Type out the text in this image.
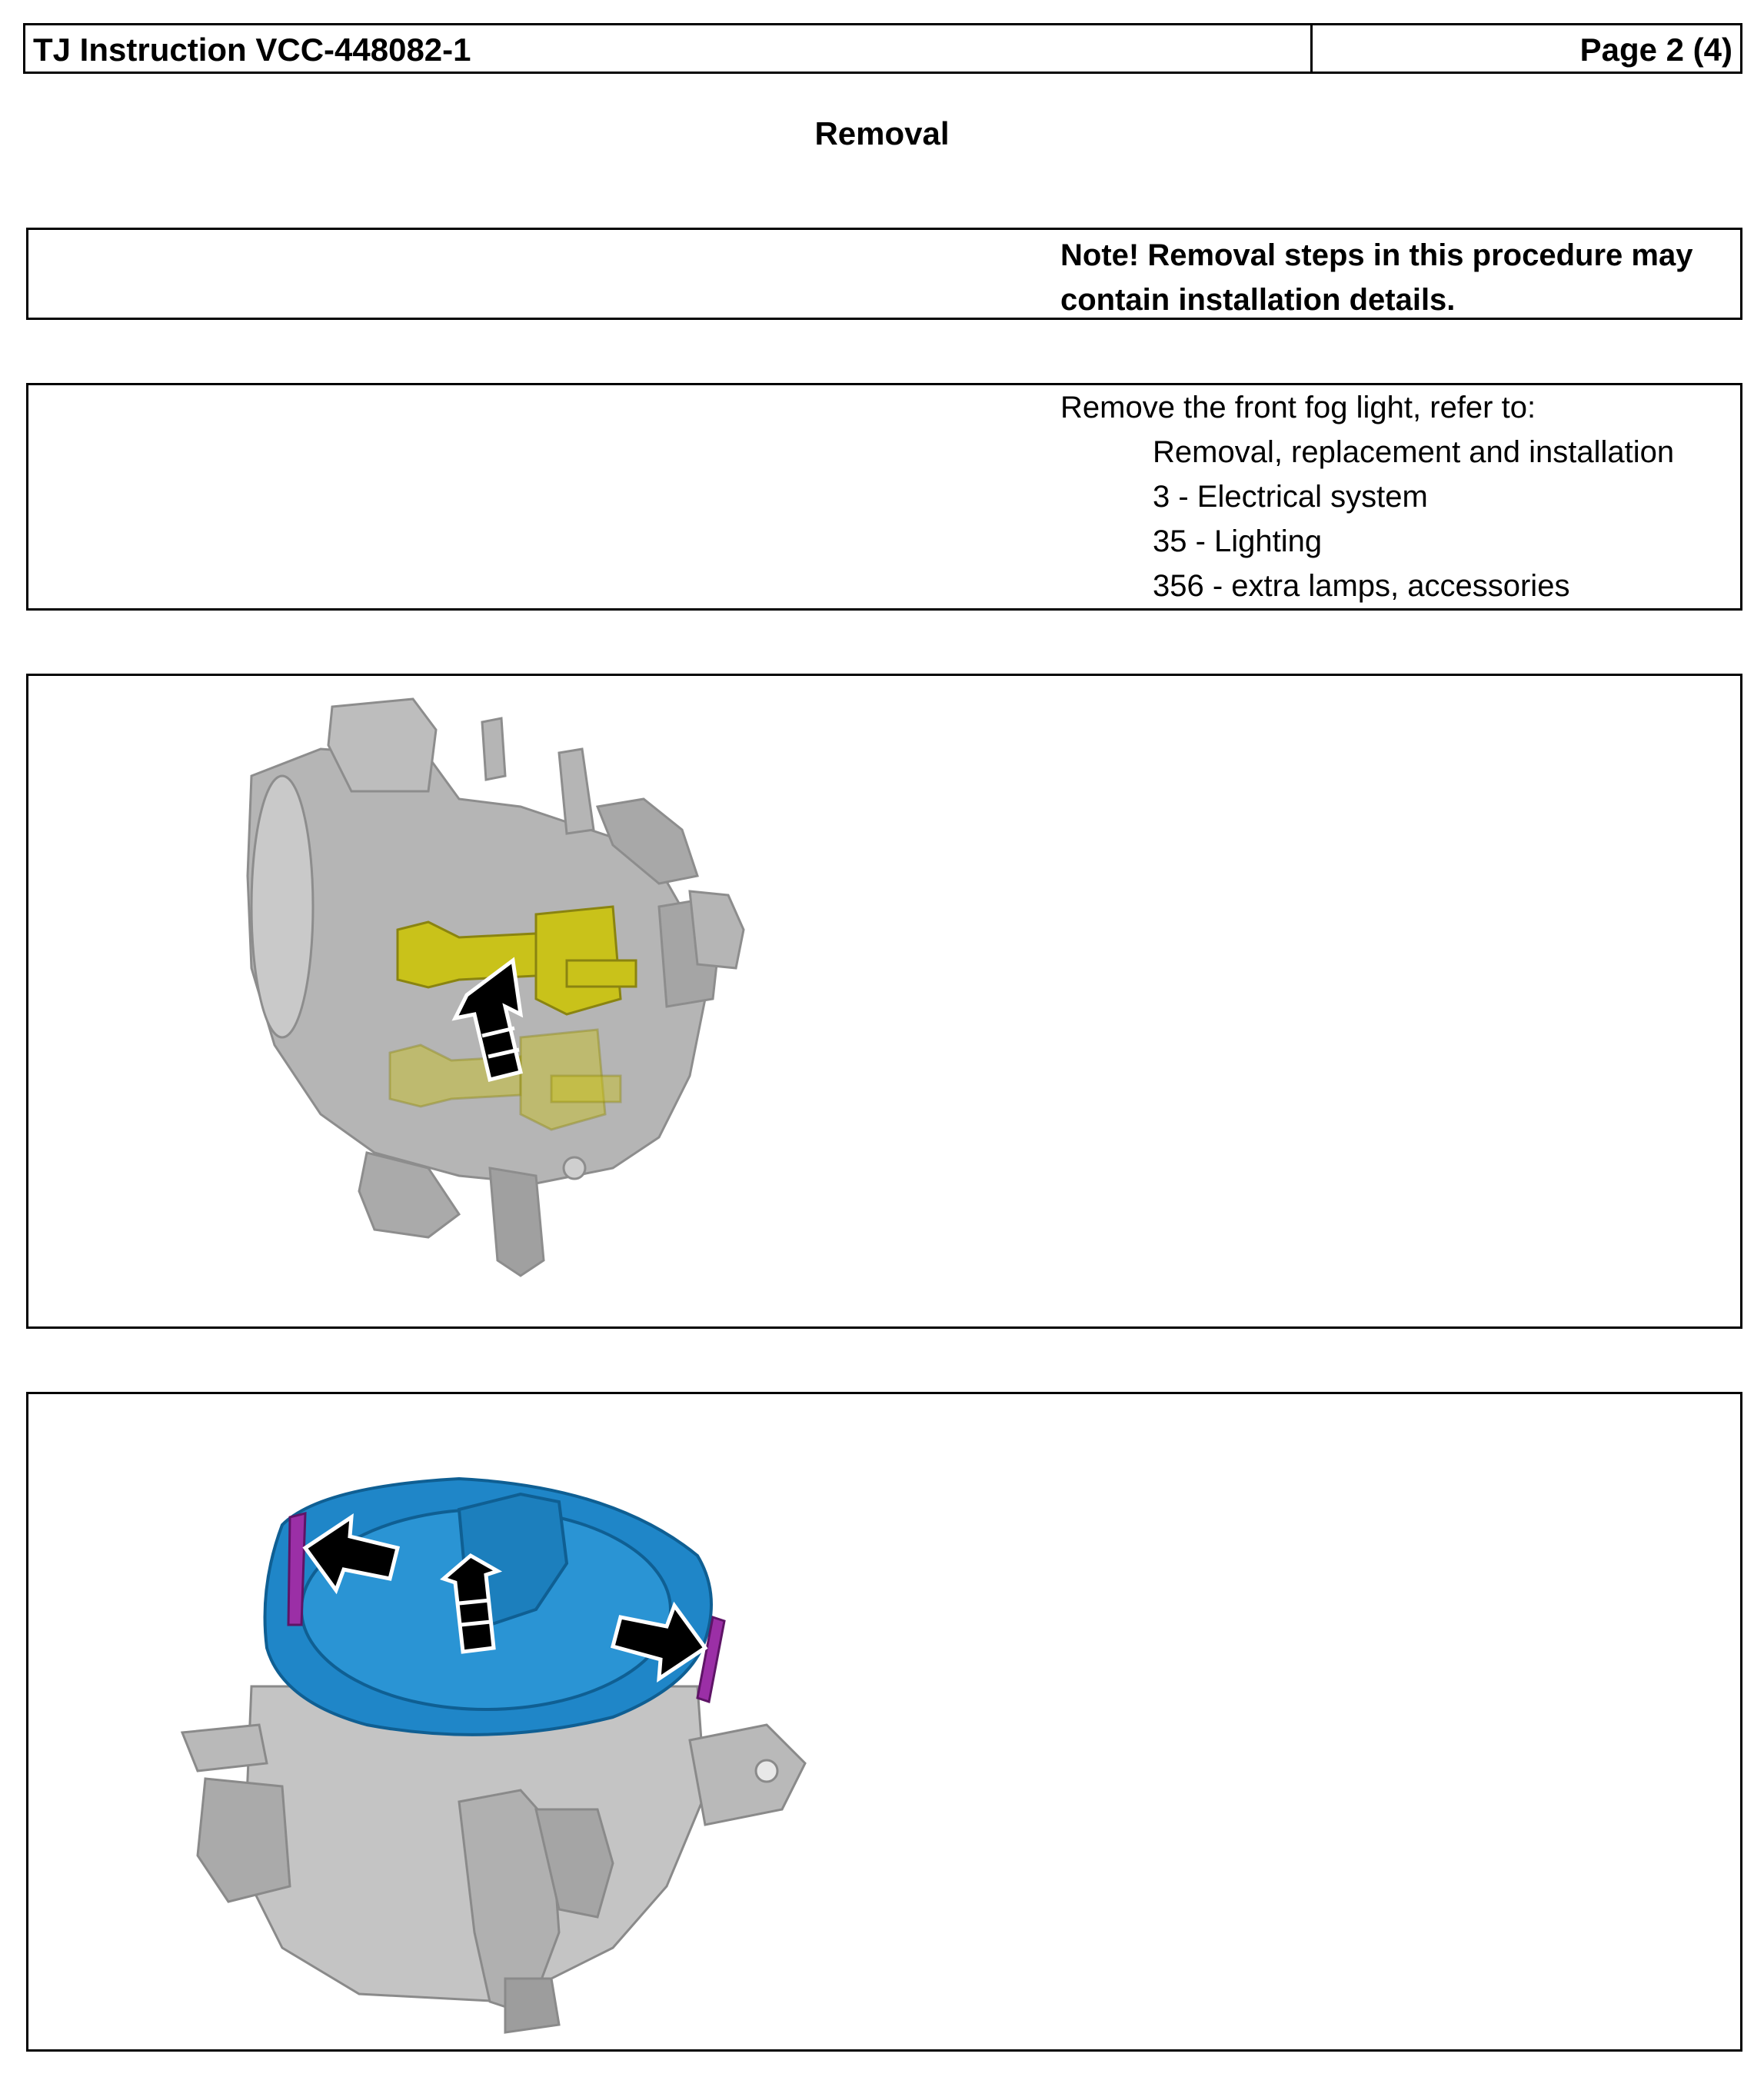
TJ Instruction VCC-448082-1	Page 2 (4)
Removal
Note! Removal steps in this procedure may
contain installation details.
Remove the front fog light, refer to:
Removal, replacement and installation
3 - Electrical system
35 - Lighting
356 - extra lamps, accessories
